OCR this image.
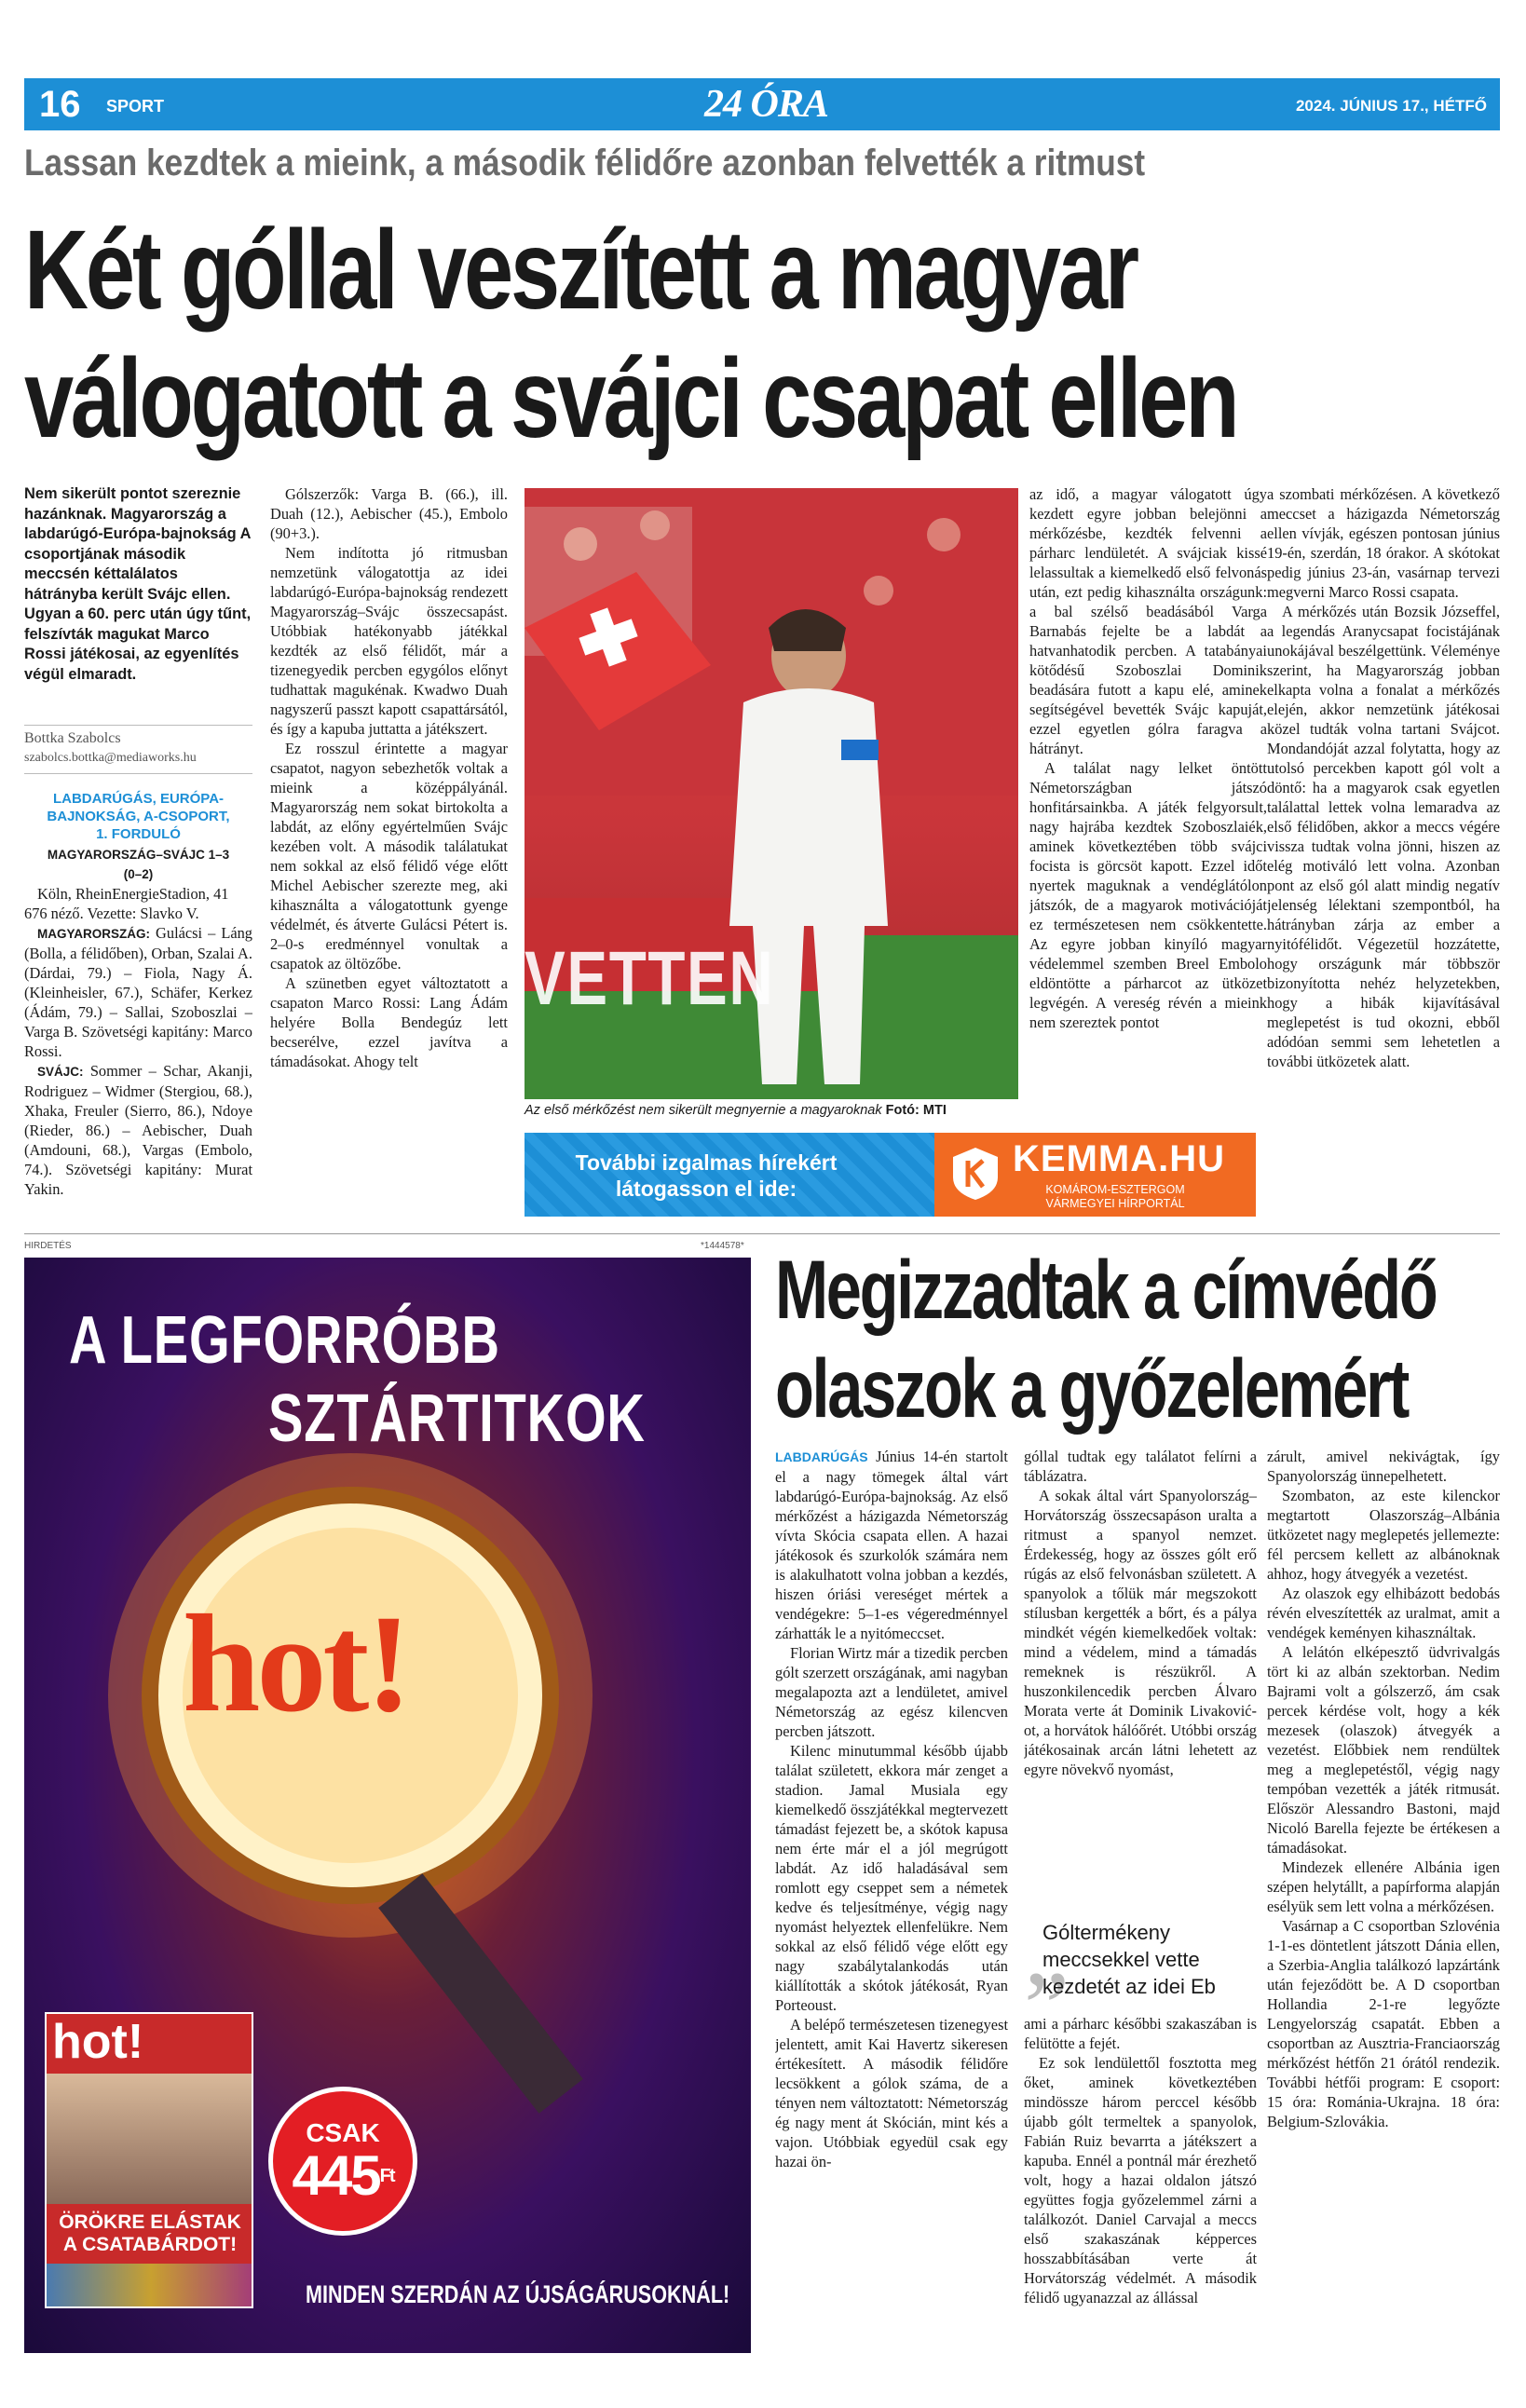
16 SPORT	24 ÓRA	2024. JÚNIUS 17., HÉTFŐ
Lassan kezdtek a mieink, a második félidőre azonban felvették a ritmust
Két góllal veszített a magyar
válogatott a svájci csapat ellen
Nem sikerült pontot szereznie hazánknak. Magyarország a labdarúgó-Európa-bajnokság A csoportjának második meccsén kéttalálatos hátrányba került Svájc ellen. Ugyan a 60. perc után úgy tűnt, felszívták magukat Marco Rossi játékosai, az egyenlítés végül elmaradt.
Bottka Szabolcs
szabolcs.bottka@mediaworks.hu
LABDARÚGÁS, EURÓPA-BAJNOKSÁG, A-CSOPORT, 1. FORDULÓ
MAGYARORSZÁG–SVÁJC 1–3
(0–2)
Köln, RheinEnergieStadion, 41 676 néző. Vezette: Slavko V.
MAGYARORSZÁG: Gulácsi – Láng (Bolla, a félidőben), Orban, Szalai A. (Dárdai, 79.) – Fiola, Nagy Á. (Kleinheisler, 67.), Schäfer, Kerkez (Ádám, 79.) – Sallai, Szoboszlai – Varga B. Szövetségi kapitány: Marco Rossi.
SVÁJC: Sommer – Schar, Akanji, Rodriguez – Widmer (Stergiou, 68.), Xhaka, Freuler (Sierro, 86.), Ndoye (Rieder, 86.) – Aebischer, Duah (Amdouni, 68.), Vargas (Embolo, 74.). Szövetségi kapitány: Murat Yakin.
VETTEN
Az első mérkőzést nem sikerült megnyernie a magyaroknak Fotó: MTI
További izgalmas hírekért látogasson el ide:
KEMMA.HU
KOMÁROM-ESZTERGOM VÁRMEGYEI HÍRPORTÁL

az idő, a magyar válogatott úgy kezdett egyre jobban belejönni a mérkőzésbe, kezdték felvenni a párharc lendületét. A svájciak kissé lelassultak a kiemelkedő első felvonás után, ezt pedig kihasználta országunk: a bal szélső beadásából Varga Barnabás fejelte be a labdát a hatvanhatodik percben. A tatabányai kötődésű Szoboszlai Dominik beadására futott a kapu elé, aminek segítségével bevették Svájc kapuját, ezzel egyetlen gólra faragva a hátrányt.

A találat nagy lelket öntött Németországban játszó honfitársainkba. A játék felgyorsult, nagy hajrába kezdtek Szoboszlaiék, aminek következtében több svájci focista is görcsöt kapott. Ezzel időt nyertek maguknak a vendéglátólon játszók, de a magyarok motivációját ez természetesen nem csökkentette. Az egyre jobban kinyíló magyar védelemmel szemben Breel Embolo eldöntötte a párharcot az ütközet legvégén. A vereség révén a mieink nem szereztek pontot

a szombati mérkőzésen. A következő meccset a házigazda Németország ellen vívják, egészen pontosan június 19-én, szerdán, 18 órakor. A skótokat pedig június 23-án, vasárnap tervezi megverni Marco Rossi csapata.

A mérkőzés után Bozsik Józseffel, a legendás Aranycsapat focistájának unokájával beszélgettünk. Véleménye szerint, ha Magyarország jobban elkapta volna a fonalat a mérkőzés elején, akkor nemzetünk játékosai közel tudták volna tartani Svájcot. Mondandóját azzal folytatta, hogy az utolsó percekben kapott gól volt a döntő: ha a magyarok csak egyetlen találattal lettek volna lemaradva az első félidőben, akkor a meccs végére vissza tudtak volna jönni, hiszen az elég motiváló lett volna. Azonban pont az első gól alatt mindig negatív jelenség lélektani szempontból, ha hátrányban zárja az ember a nyitófélidőt. Végezetül hozzátette, hogy országunk már többször bizonyította nehéz helyzetekben, hogy a hibák kijavításával meglepetést is tud okozni, ebből adódóan semmi sem lehetetlen a további ütközetek alatt.

HIRDETÉS	*1444578*
A LEGFORRÓBB
SZTÁRTITKOK
hot!
hot!
ÖRÖKRE ELÁSTAK A CSATABÁRDOT!
CSAK
$445^{Ft}$
MINDEN SZERDÁN AZ ÚJSÁGÁRUSOKNÁL!
Megizzadtak a címvédő
olaszok a győzelemért

LABDARÚGÁS Június 14-én startolt el a nagy tömegek által várt labdarúgó-Európa-bajnokság. Az első mérkőzést a házigazda Németország vívta Skócia csapata ellen. A hazai játékosok és szurkolók számára nem is alakulhatott volna jobban a kezdés, hiszen óriási vereséget mértek a vendégekre: 5–1-es végeredménnyel zárhatták le a nyitómeccset.

Florian Wirtz már a tizedik percben gólt szerzett országának, ami nagyban megalapozta azt a lendületet, amivel Németország az egész kilencven percben játszott.

Kilenc minutummal később újabb találat született, ekkora már zenget a stadion. Jamal Musiala egy kiemelkedő összjátékkal megtervezett támadást fejezett be, a skótok kapusa nem érte már el a jól megrúgott labdát. Az idő haladásával sem romlott egy cseppet sem a németek kedve és teljesítménye, végig nagy nyomást helyeztek ellenfelükre. Nem sokkal az első félidő vége előtt egy nagy szabálytalankodás után kiállították a skótok játékosát, Ryan Porteoust.

A belépő természetesen tizenegyest jelentett, amit Kai Havertz sikeresen értékesített. A második félidőre lecsökkent a gólok száma, de a tényen nem változtatott: Németország ég nagy ment át Skócián, mint kés a vajon. Utóbbiak egyedül csak egy hazai ön-

góllal tudtak egy találatot felírni a táblázatra.

A sokak által várt Spanyolország–Horvátország összecsapáson uralta a ritmust a spanyol nemzet. Érdekesség, hogy az összes gólt erő rúgás az első felvonásban született. A spanyolok a tőlük már megszokott stílusban kergették a bőrt, és a pálya mindkét végén kiemelkedőek voltak: mind a védelem, mind a támadás remeknek is részükről. A huszonkilencedik percben Álvaro Morata verte át Dominik Livaković-ot, a horvátok hálóőrét. Utóbbi ország játékosainak arcán látni lehetett az egyre növekvő nyomást,

„
Gólterm​ékeny meccsekkel vette kezdetét az idei Eb

ami a párharc későbbi szakaszában is felütötte a fejét.

Ez sok lendülettől fosztotta meg őket, aminek következtében mindössze három perccel később újabb gólt termeltek a spanyolok, Fabián Ruiz bevarrta a játékszert a kapuba. Ennél a pontnál már érezhető volt, hogy a hazai oldalon játszó együttes fogja győzelemmel zárni a találkozót. Daniel Carvajal a meccs első szakaszának képperces hosszabbításában verte át Horvátország védelmét. A második félidő ugyanazzal az állással

zárult, amivel nekivágtak, így Spanyolország ünnepelhetett.

Szombaton, az este kilenckor megtartott Olaszország–Albánia ütközetet nagy meglepetés jellemezte: fél percsem kellett az albánoknak ahhoz, hogy átvegyék a vezetést.

Az olaszok egy elhibázott bedobás révén elveszítették az uralmat, amit a vendégek keményen kihasználtak.

A lelátón elképesztő üdvrivalgás tört ki az albán szektorban. Nedim Bajrami volt a gólszerző, ám csak percek kérdése volt, hogy a kék mezesek (olaszok) átvegyék a vezetést. Előbbiek nem rendültek meg a meglepetéstől, végig nagy tempóban vezették a játék ritmusát. Először Alessandro Bastoni, majd Nicoló Barella fejezte be értékesen a támadásokat.

Mindezek ellenére Albánia igen szépen helytállt, a papírforma alapján esélyük sem lett volna a mérkőzésen.

Vasárnap a C csoportban Szlovénia 1-1-es döntetlent játszott Dánia ellen, a Szerbia-Anglia találkozó lapzártánk után fejeződött be. A D csoportban Hollandia 2-1-re legyőzte Lengyelország csapatát. Ebben a csoportban az Ausztria-Franciaország mérkőzést hétfőn 21 órától rendezik. További hétfői program: E csoport: 15 óra: Románia-Ukrajna. 18 óra: Belgium-Szlovákia.

Gólszerzők: Varga B. (66.), ill. Duah (12.), Aebischer (45.), Embolo (90+3.).

Nem indította jó ritmusban nemzetünk válogatottja az idei labdarúgó-Európa-bajnokság rendezett Magyarország–Svájc összecsapást. Utóbbiak hatékonyabb játékkal kezdték az első félidőt, már a tizenegyedik percben egygólos előnyt tudhattak magukénak. Kwadwo Duah nagyszerű passzt kapott csapattársától, és így a kapuba juttatta a játékszert.

Ez rosszul érintette a magyar csapatot, nagyon sebezhetők voltak a mieink a középpályánál. Magyarország nem sokat birtokolta a labdát, az előny egyértelműen Svájc kezében volt. A második találatukat nem sokkal az első félidő vége előtt Michel Aebischer szerezte meg, aki kihasználta a válogatottunk gyenge védelmét, és átverte Gulácsi Pétert is. 2–0-s eredménnyel vonultak a csapatok az öltözőbe.

A szünetben egyet változtatott a csapaton Marco Rossi: Lang Ádám helyére Bolla Bendegúz lett becserélve, ezzel javítva a támadásokat. Ahogy telt
